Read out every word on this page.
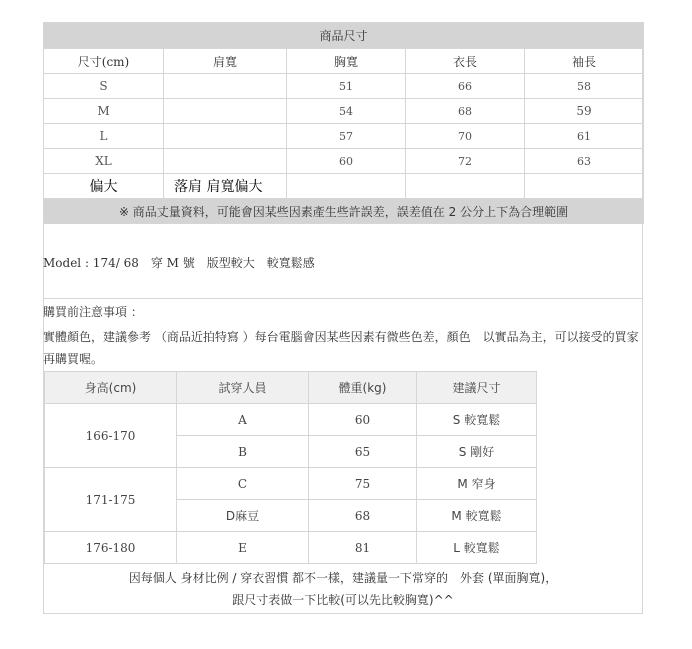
商品尺寸				
尺寸(cm)	肩寬	胸寬	衣長	袖長
S		51	66	58
M		54	68	59
L		57	70	61
XL		60	72	63
偏大	落肩 肩寬偏大			
※ 商品丈量資料，可能會因某些因素產生些許誤差，誤差值在 2 公分上下為合理範圍				
Model : 174/ 68　穿 M 號　版型較大　較寬鬆感
購買前注意事項 ：
實體顏色，建議參考 （商品近拍特寫 ）每台電腦會因某些因素有微些色差，顏色　以實品為主，可以接受的買家再購買喔。
身高(cm)	試穿人員	體重(kg)	建議尺寸
166-170	A	60	S 較寬鬆
	B	65	S 剛好
171-175	C	75	M 窄身
	D麻豆	68	M 較寬鬆
176-180	E	81	L 較寬鬆
因每個人 身材比例 / 穿衣習慣 都不一樣，建議量一下常穿的　外套 (單面胸寬)，
跟尺寸表做一下比較(可以先比較胸寬)^^
